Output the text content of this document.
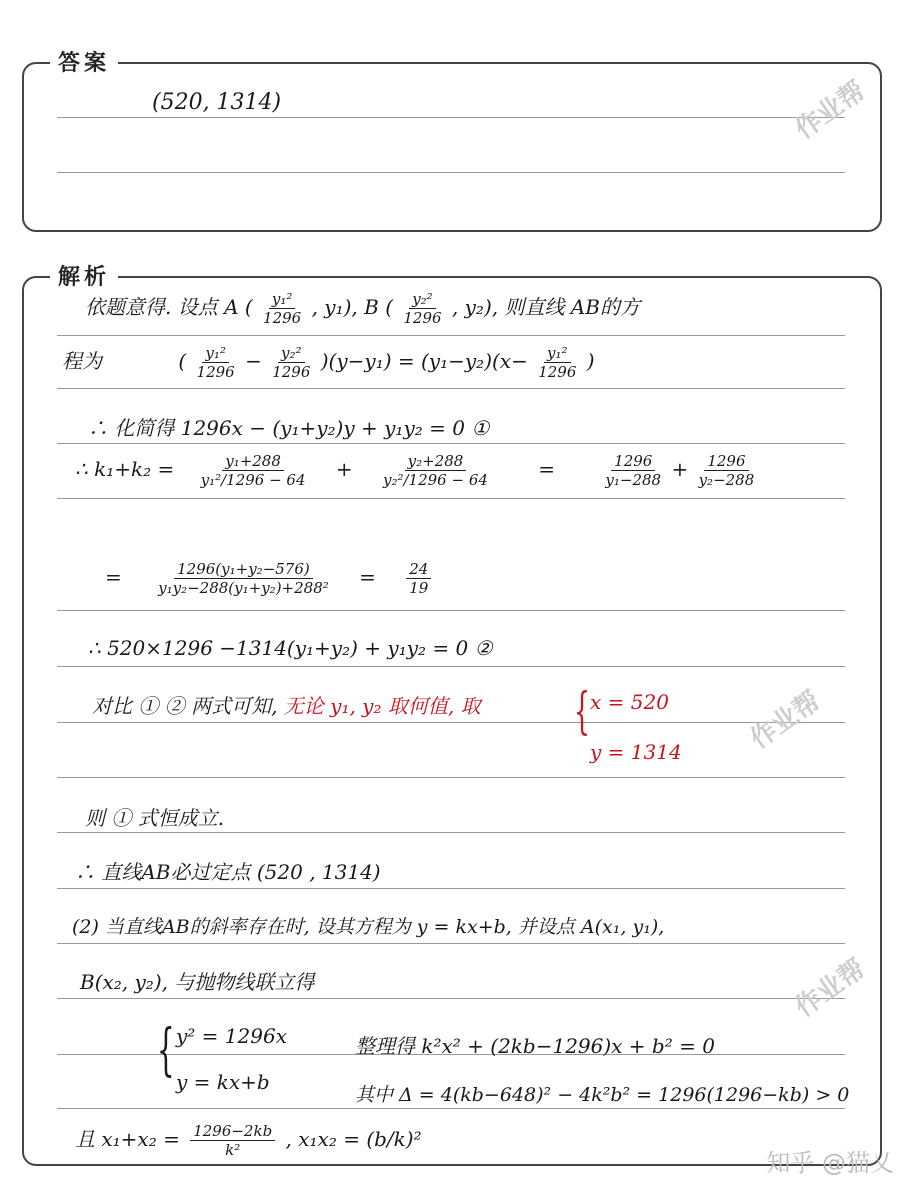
答案
(520, 1314)
解析
依题意得. 设点 A ( $\frac{\text{y₁²}}{1296}$ , y₁), B ( $\frac{\text{y₂²}}{1296}$ , y₂), 则直线 AB的方
程为	( $\frac{\text{y₁²}}{1296} - \frac{\text{y₂²}}{1296} )(y-y_1) = (y_1-y_2)(x- \frac{\text{y₁²}}{1296}$ )
∴ 化简得 1296x − (y₁+y₂)y + y₁y₂ = 0 ①
∴ $k_1+k_2 = \frac{\text{y₁+288}}{\text{y₁²/1296 − 64}} + \frac{\text{y₂+288}}{\text{y₂²/1296 − 64}}$	=	$\frac{1296}{\text{y₁−288}} + \frac{1296}{\text{y₂−288}}$
= $\frac{\text{1296(y₁+y₂−576)}}{\text{y₁y₂−288(y₁+y₂)+288²}} = \frac{24}{19}$
∴ 520×1296 −1314(y₁+y₂) + y₁y₂ = 0 ②
对比 ① ② 两式可知, 无论 y₁, y₂ 取何值, 取 { x = 520
y = 1314
则 ① 式恒成立.
∴ 直线AB必过定点 (520 , 1314)
(2) 当直线AB的斜率存在时, 设其方程为 y = kx+b, 并设点 A(x₁, y₁),
B(x₂, y₂), 与抛物线联立得
{ y² = 1296x	整理得 k²x² + (2kb−1296)x + b² = 0
y = kx+b
其中 Δ = 4(kb−648)² − 4k²b² = 1296(1296−kb) > 0
且 $x_1+x_2 = \frac{1296-2kb}{\text{k²}}$ , x₁x₂ = (b/k)²
作业帮
作业帮
作业帮
知乎 @猫乂
